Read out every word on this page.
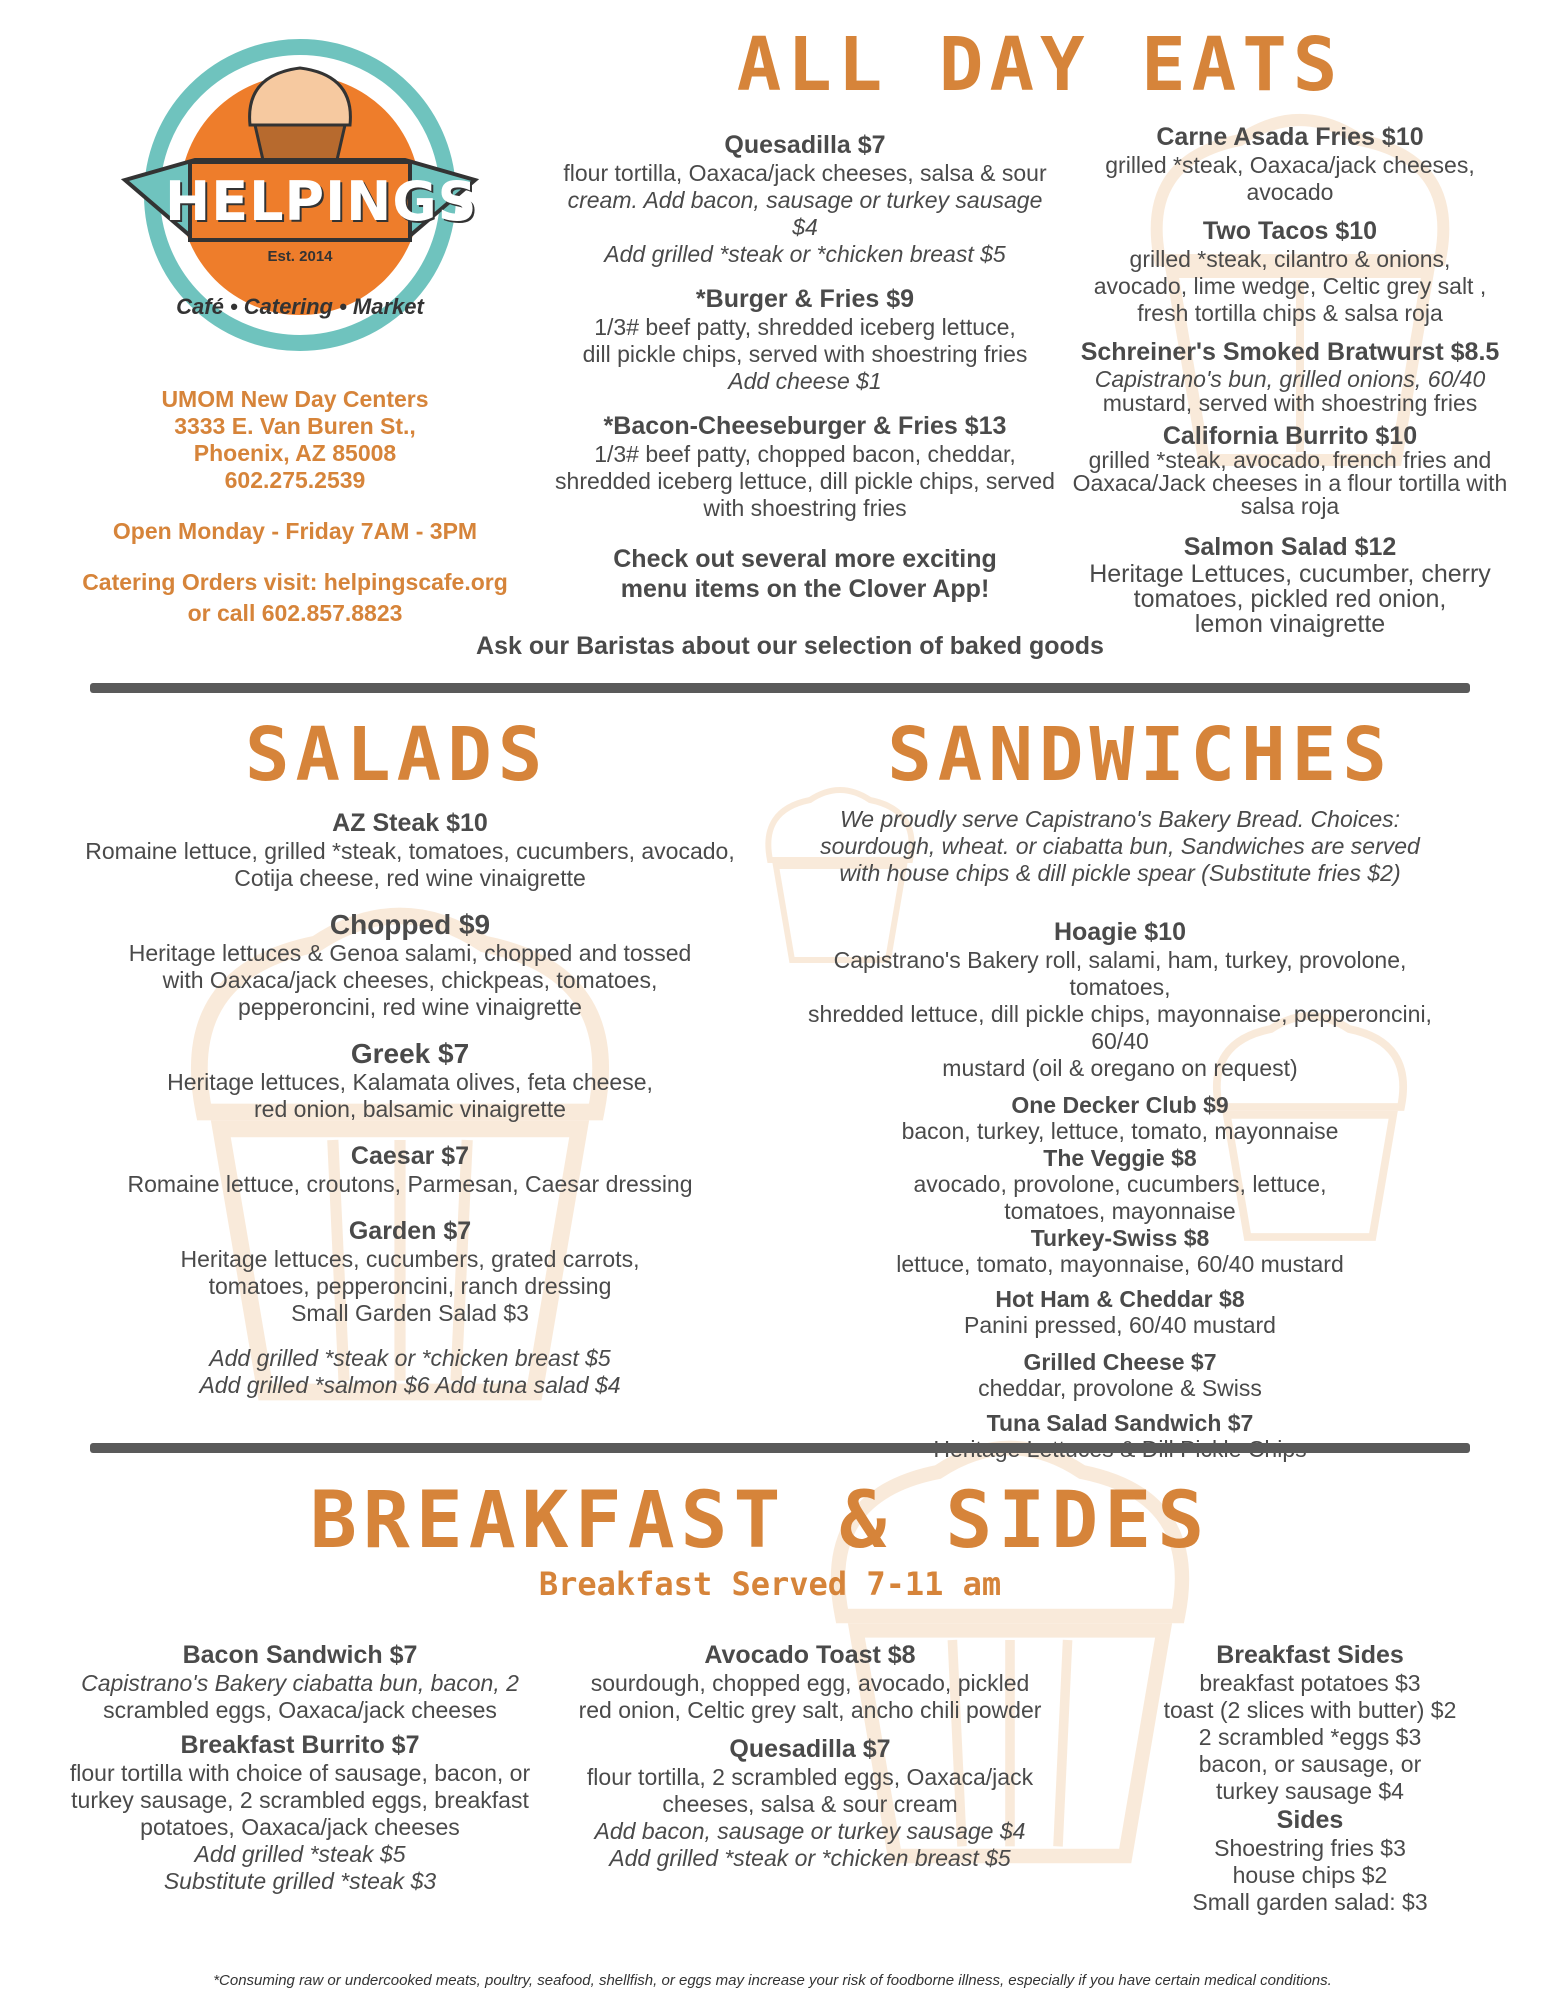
HELPINGS
Est. 2014
Café • Catering • Market
UMOM New Day Centers
3333 E. Van Buren St.,
Phoenix, AZ 85008
602.275.2539
Open Monday - Friday 7AM - 3PM
Catering Orders visit: helpingscafe.org
or call 602.857.8823
ALL DAY EATS
Quesadilla $7
flour tortilla, Oaxaca/jack cheeses, salsa & sour
cream. Add bacon, sausage or turkey sausage $4
Add grilled *steak or *chicken breast $5
*Burger & Fries $9
1/3# beef patty, shredded iceberg lettuce,
dill pickle chips, served with shoestring fries
Add cheese $1
*Bacon-Cheeseburger & Fries $13
1/3# beef patty, chopped bacon, cheddar,
shredded iceberg lettuce, dill pickle chips, served
with shoestring fries
Check out several more exciting
menu items on the Clover App!
Ask our Baristas about our selection of baked goods
Carne Asada Fries $10
grilled *steak, Oaxaca/jack cheeses, avocado
Two Tacos $10
grilled *steak, cilantro & onions,
avocado, lime wedge, Celtic grey salt ,
fresh tortilla chips & salsa roja
Schreiner's Smoked Bratwurst $8.5
Capistrano's bun, grilled onions, 60/40
mustard, served with shoestring fries
California Burrito $10
grilled *steak, avocado, french fries and
Oaxaca/Jack cheeses in a flour tortilla with
salsa roja
Salmon Salad $12
Heritage Lettuces, cucumber, cherry
tomatoes, pickled red onion,
lemon vinaigrette
SALADS
AZ Steak $10
Romaine lettuce, grilled *steak, tomatoes, cucumbers, avocado,
Cotija cheese, red wine vinaigrette
Chopped $9
Heritage lettuces & Genoa salami, chopped and tossed
with Oaxaca/jack cheeses, chickpeas, tomatoes,
pepperoncini, red wine vinaigrette
Greek $7
Heritage lettuces, Kalamata olives, feta cheese,
red onion, balsamic vinaigrette
Caesar $7
Romaine lettuce, croutons, Parmesan, Caesar dressing
Garden $7
Heritage lettuces, cucumbers, grated carrots,
tomatoes, pepperoncini, ranch dressing
Small Garden Salad $3
Add grilled *steak or *chicken breast $5
Add grilled *salmon $6 Add tuna salad $4
SANDWICHES
We proudly serve Capistrano's Bakery Bread. Choices:
sourdough, wheat. or ciabatta bun, Sandwiches are served
with house chips & dill pickle spear (Substitute fries $2)
Hoagie $10
Capistrano's Bakery roll, salami, ham, turkey, provolone, tomatoes,
shredded lettuce, dill pickle chips, mayonnaise, pepperoncini, 60/40
mustard (oil & oregano on request)
One Decker Club $9
bacon, turkey, lettuce, tomato, mayonnaise
The Veggie $8
avocado, provolone, cucumbers, lettuce,
tomatoes, mayonnaise
Turkey-Swiss $8
lettuce, tomato, mayonnaise, 60/40 mustard
Hot Ham & Cheddar $8
Panini pressed, 60/40 mustard
Grilled Cheese $7
cheddar, provolone & Swiss
Tuna Salad Sandwich $7
BREAKFAST & SIDES
Breakfast Served 7-11 am
Bacon Sandwich $7
Capistrano's Bakery ciabatta bun, bacon, 2
scrambled eggs, Oaxaca/jack cheeses
Breakfast Burrito $7
flour tortilla with choice of sausage, bacon, or
turkey sausage, 2 scrambled eggs, breakfast
potatoes, Oaxaca/jack cheeses
Add grilled *steak $5
Substitute grilled *steak $3
Avocado Toast $8
sourdough, chopped egg, avocado, pickled
red onion, Celtic grey salt, ancho chili powder
Quesadilla $7
flour tortilla, 2 scrambled eggs, Oaxaca/jack
cheeses, salsa & sour cream
Add bacon, sausage or turkey sausage $4
Add grilled *steak or *chicken breast $5
Breakfast Sides
breakfast potatoes $3
toast (2 slices with butter) $2
2 scrambled *eggs $3
bacon, or sausage, or
turkey sausage $4
Sides
Shoestring fries $3
house chips $2
Small garden salad: $3
*Consuming raw or undercooked meats, poultry, seafood, shellfish, or eggs may increase your risk of foodborne illness, especially if you have certain medical conditions.
